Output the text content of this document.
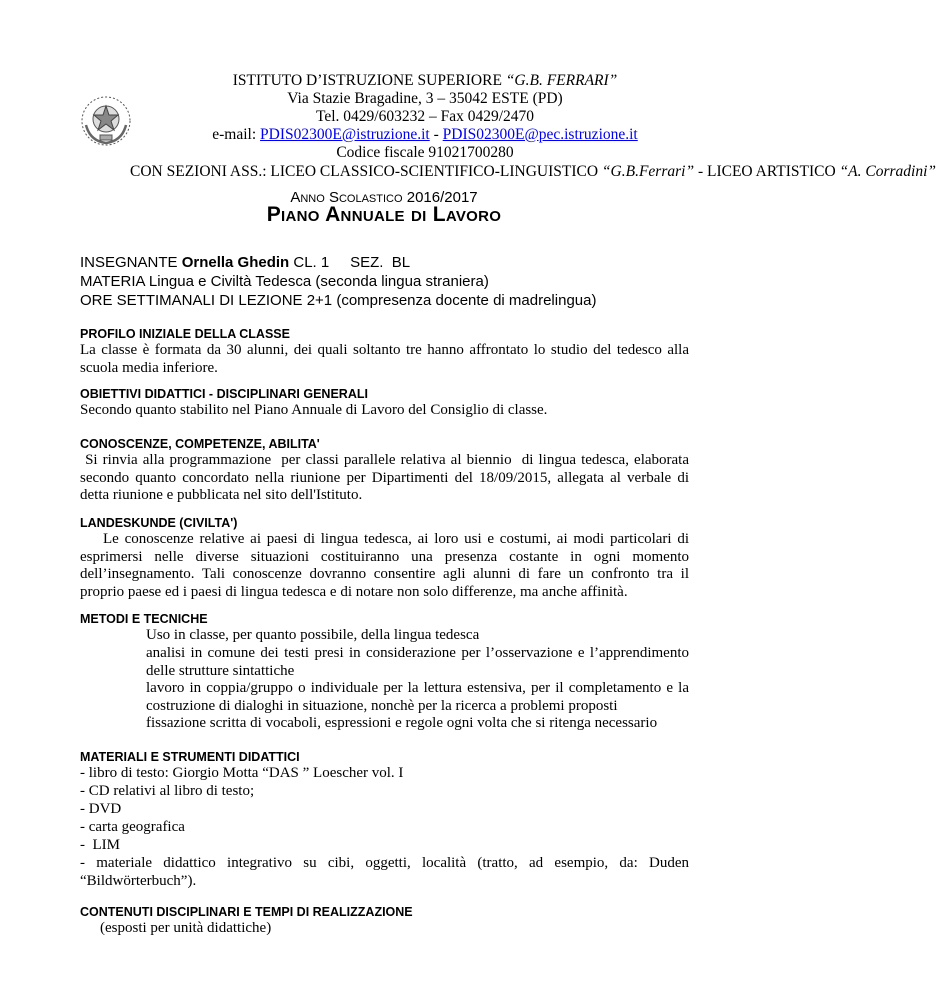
ISTITUTO D’ISTRUZIONE SUPERIORE “G.B. FERRARI”
Via Stazie Bragadine, 3 – 35042 ESTE (PD)
Tel. 0429/603232 – Fax 0429/2470
e-mail: PDIS02300E@istruzione.it - PDIS02300E@pec.istruzione.it
Codice fiscale 91021700280
CON SEZIONI ASS.: LICEO CLASSICO-SCIENTIFICO-LINGUISTICO “G.B.Ferrari” - LICEO ARTISTICO “A. Corradini”
Anno Scolastico 2016/2017
Piano Annuale di Lavoro
INSEGNANTE Ornella Ghedin CL. 1     SEZ.  BL
MATERIA Lingua e Civiltà Tedesca (seconda lingua straniera)
ORE SETTIMANALI DI LEZIONE 2+1 (compresenza docente di madrelingua)
PROFILO INIZIALE DELLA CLASSE
La classe è formata da 30 alunni, dei quali soltanto tre hanno affrontato lo studio del tedesco alla scuola media inferiore.
OBIETTIVI DIDATTICI - DISCIPLINARI GENERALI
Secondo quanto stabilito nel Piano Annuale di Lavoro del Consiglio di classe.
CONOSCENZE, COMPETENZE, ABILITA'
Si rinvia alla programmazione  per classi parallele relativa al biennio  di lingua tedesca, elaborata secondo quanto concordato nella riunione per Dipartimenti del 18/09/2015, allegata al verbale di detta riunione e pubblicata nel sito dell'Istituto.
LANDESKUNDE (CIVILTA')
Le conoscenze relative ai paesi di lingua tedesca, ai loro usi e costumi, ai modi particolari di esprimersi nelle diverse situazioni costituiranno una presenza costante in ogni momento dell’insegnamento. Tali conoscenze dovranno consentire agli alunni di fare un confronto tra il proprio paese ed i paesi di lingua tedesca e di notare non solo differenze, ma anche affinità.
METODI E TECNICHE
Uso in classe, per quanto possibile, della lingua tedesca
analisi in comune dei testi presi in considerazione per l’osservazione e l’apprendimento delle strutture sintattiche
lavoro in coppia/gruppo o individuale per la lettura estensiva, per il completamento e la costruzione di dialoghi in situazione, nonchè per la ricerca a problemi proposti
fissazione scritta di vocaboli, espressioni e regole ogni volta che si ritenga necessario
MATERIALI E STRUMENTI DIDATTICI
- libro di testo: Giorgio Motta “DAS ” Loescher vol. I
- CD relativi al libro di testo;
- DVD
- carta geografica
-  LIM
- materiale didattico integrativo su cibi, oggetti, località (tratto, ad esempio, da: Duden “Bildwörterbuch”).
CONTENUTI DISCIPLINARI E TEMPI DI REALIZZAZIONE
(esposti per unità didattiche)
